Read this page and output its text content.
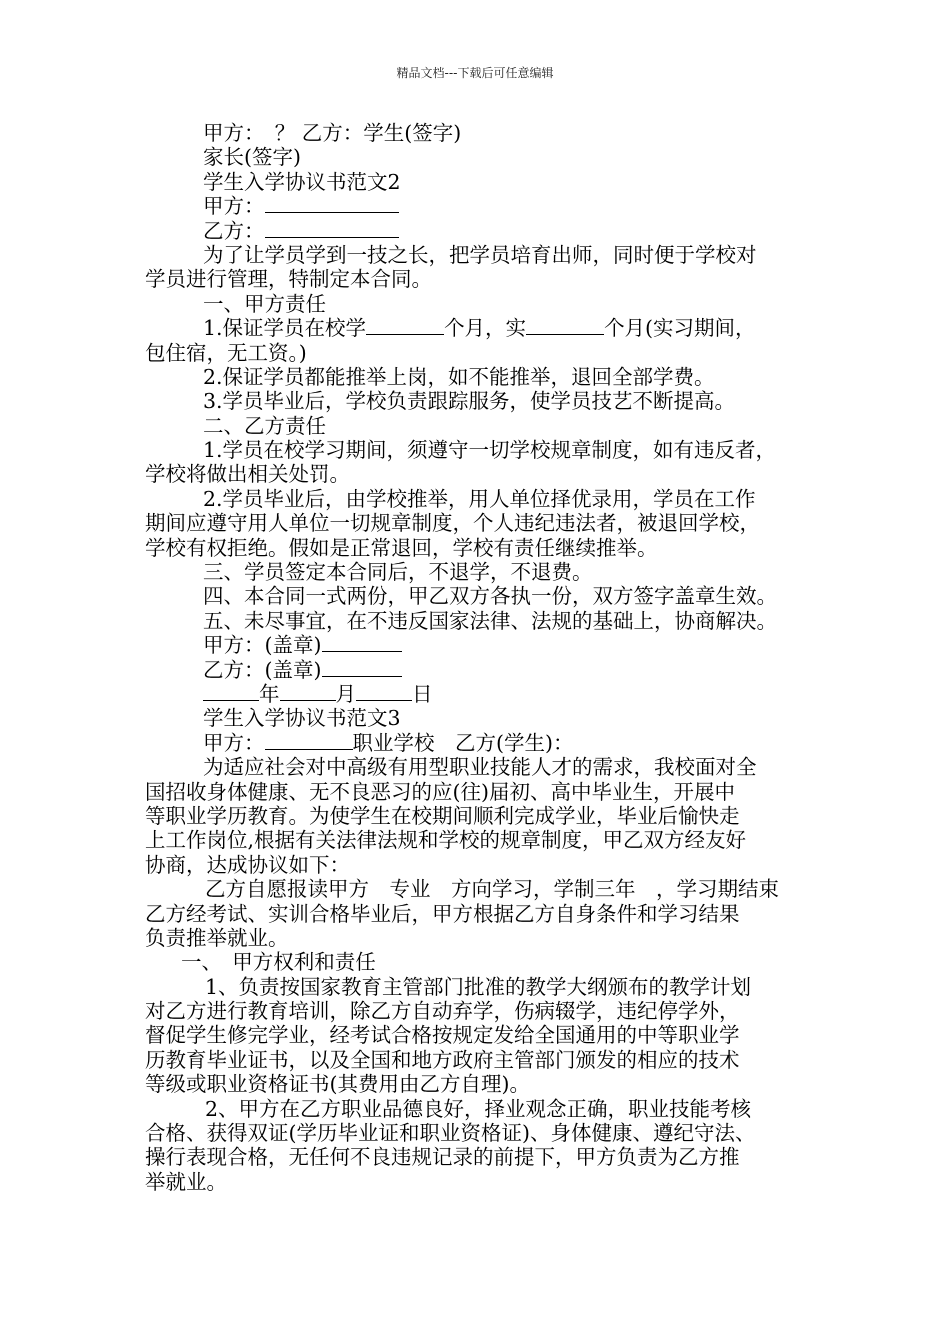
精品文档---下载后可任意编辑
甲方：　？ 乙方：学生(签字)
家长(签字)
学生入学协议书范文2
甲方：
乙方：
为了让学员学到一技之长，把学员培育出师，同时便于学校对
学员进行管理，特制定本合同。
一、甲方责任
1.保证学员在校学	个月，实	个月(实习期间，
包住宿，无工资。)
2.保证学员都能推举上岗，如不能推举，退回全部学费。
3.学员毕业后，学校负责跟踪服务，使学员技艺不断提高。
二、乙方责任
1.学员在校学习期间，须遵守一切学校规章制度，如有违反者，
学校将做出相关处罚。
2.学员毕业后，由学校推举，用人单位择优录用，学员在工作
期间应遵守用人单位一切规章制度，个人违纪违法者，被退回学校，
学校有权拒绝。假如是正常退回，学校有责任继续推举。
三、学员签定本合同后，不退学，不退费。
四、本合同一式两份，甲乙双方各执一份，双方签字盖章生效。
五、未尽事宜，在不违反国家法律、法规的基础上，协商解决。
甲方：(盖章)
乙方：(盖章)
年	月	日
学生入学协议书范文3
甲方：	职业学校　乙方(学生)：
为适应社会对中高级有用型职业技能人才的需求，我校面对全
国招收身体健康、无不良恶习的应(往)届初、高中毕业生，开展中
等职业学历教育。为使学生在校期间顺利完成学业，毕业后愉快走
上工作岗位,根据有关法律法规和学校的规章制度，甲乙双方经友好
协商，达成协议如下：
乙方自愿报读甲方　专业　方向学习，学制三年　，学习期结束
乙方经考试、实训合格毕业后，甲方根据乙方自身条件和学习结果
负责推举就业。
一、　甲方权利和责任
1、负责按国家教育主管部门批准的教学大纲颁布的教学计划
对乙方进行教育培训，除乙方自动弃学，伤病辍学，违纪停学外，
督促学生修完学业，经考试合格按规定发给全国通用的中等职业学
历教育毕业证书，以及全国和地方政府主管部门颁发的相应的技术
等级或职业资格证书(其费用由乙方自理)。
2、甲方在乙方职业品德良好，择业观念正确，职业技能考核
合格、获得双证(学历毕业证和职业资格证)、身体健康、遵纪守法、
操行表现合格，无任何不良违规记录的前提下，甲方负责为乙方推
举就业。
